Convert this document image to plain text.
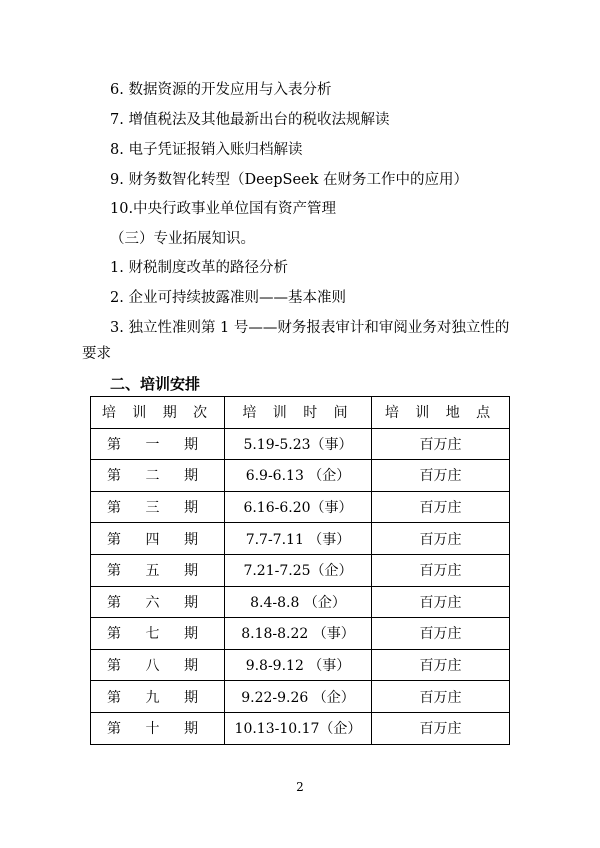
6. 数据资源的开发应用与入表分析
7. 增值税法及其他最新出台的税收法规解读
8. 电子凭证报销入账归档解读
9. 财务数智化转型（DeepSeek 在财务工作中的应用）
10.中央行政事业单位国有资产管理
（三）专业拓展知识。
1. 财税制度改革的路径分析
2. 企业可持续披露准则——基本准则
3. 独立性准则第 1 号——财务报表审计和审阅业务对独立性的
要求
二、培训安排
培 训 期 次	培 训 时 间	培 训 地 点
第 一 期	5.19-5.23（事）	百万庄
第 二 期	6.9-6.13 （企）	百万庄
第 三 期	6.16-6.20（事）	百万庄
第 四 期	7.7-7.11 （事）	百万庄
第 五 期	7.21-7.25（企）	百万庄
第 六 期	8.4-8.8 （企）	百万庄
第 七 期	8.18-8.22 （事）	百万庄
第 八 期	9.8-9.12 （事）	百万庄
第 九 期	9.22-9.26 （企）	百万庄
第 十 期	10.13-10.17（企）	百万庄
2
